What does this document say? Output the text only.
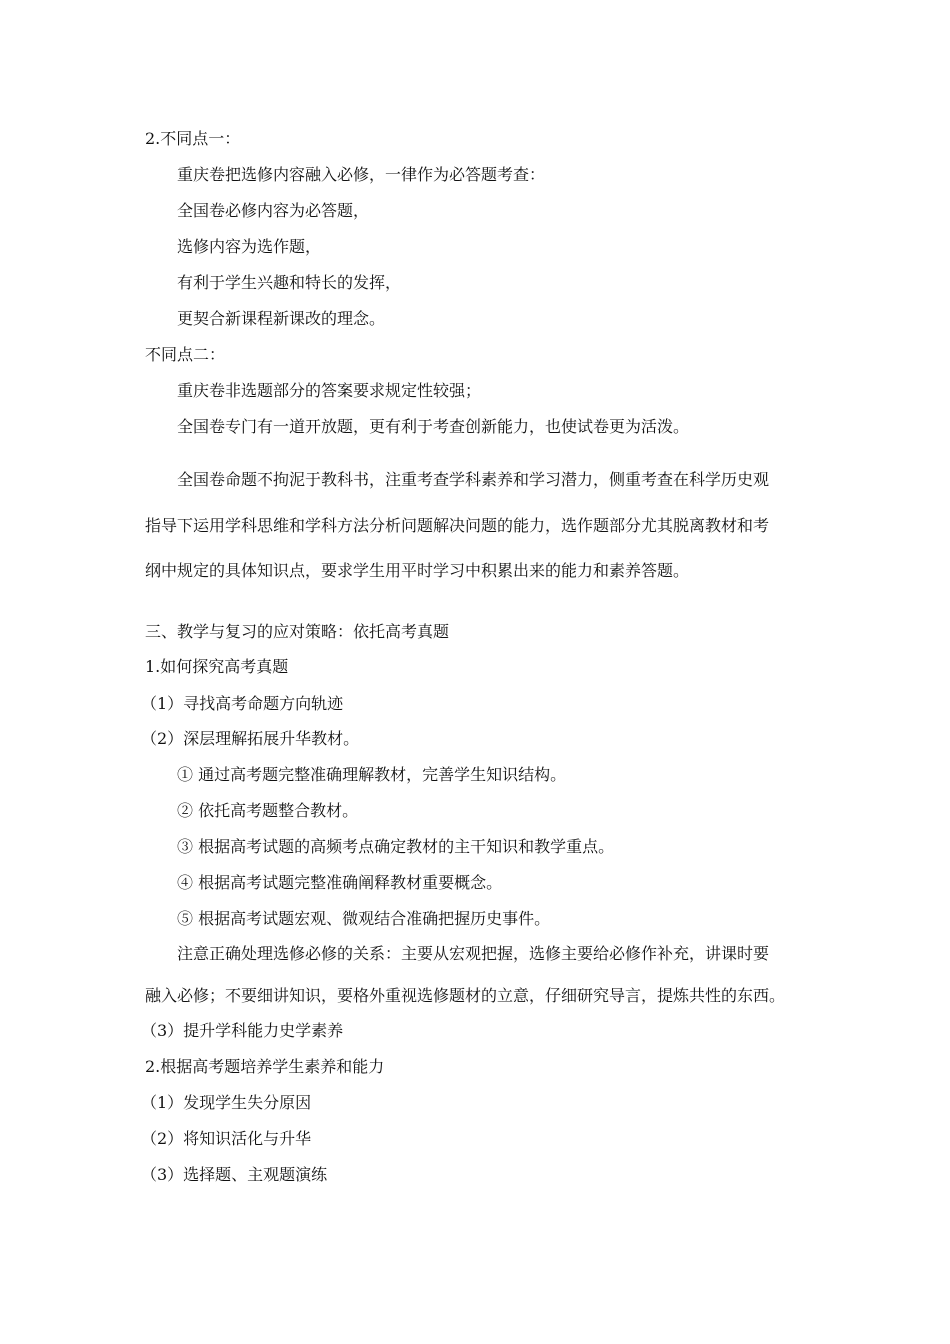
2.不同点一：

重庆卷把选修内容融入必修，一律作为必答题考查：

全国卷必修内容为必答题，

选修内容为选作题，

有利于学生兴趣和特长的发挥，

更契合新课程新课改的理念。

不同点二：

重庆卷非选题部分的答案要求规定性较强；

全国卷专门有一道开放题，更有利于考查创新能力，也使试卷更为活泼。

全国卷命题不拘泥于教科书，注重考查学科素养和学习潜力，侧重考查在科学历史观

指导下运用学科思维和学科方法分析问题解决问题的能力，选作题部分尤其脱离教材和考

纲中规定的具体知识点，要求学生用平时学习中积累出来的能力和素养答题。

三、教学与复习的应对策略：依托高考真题

1.如何探究高考真题

（1）寻找高考命题方向轨迹

（2）深层理解拓展升华教材。

① 通过高考题完整准确理解教材，完善学生知识结构。

② 依托高考题整合教材。

③ 根据高考试题的高频考点确定教材的主干知识和教学重点。

④ 根据高考试题完整准确阐释教材重要概念。

⑤ 根据高考试题宏观、微观结合准确把握历史事件。

注意正确处理选修必修的关系：主要从宏观把握，选修主要给必修作补充，讲课时要

融入必修；不要细讲知识，要格外重视选修题材的立意，仔细研究导言，提炼共性的东西。

（3）提升学科能力史学素养

2.根据高考题培养学生素养和能力

（1）发现学生失分原因

（2）将知识活化与升华

（3）选择题、主观题演练
